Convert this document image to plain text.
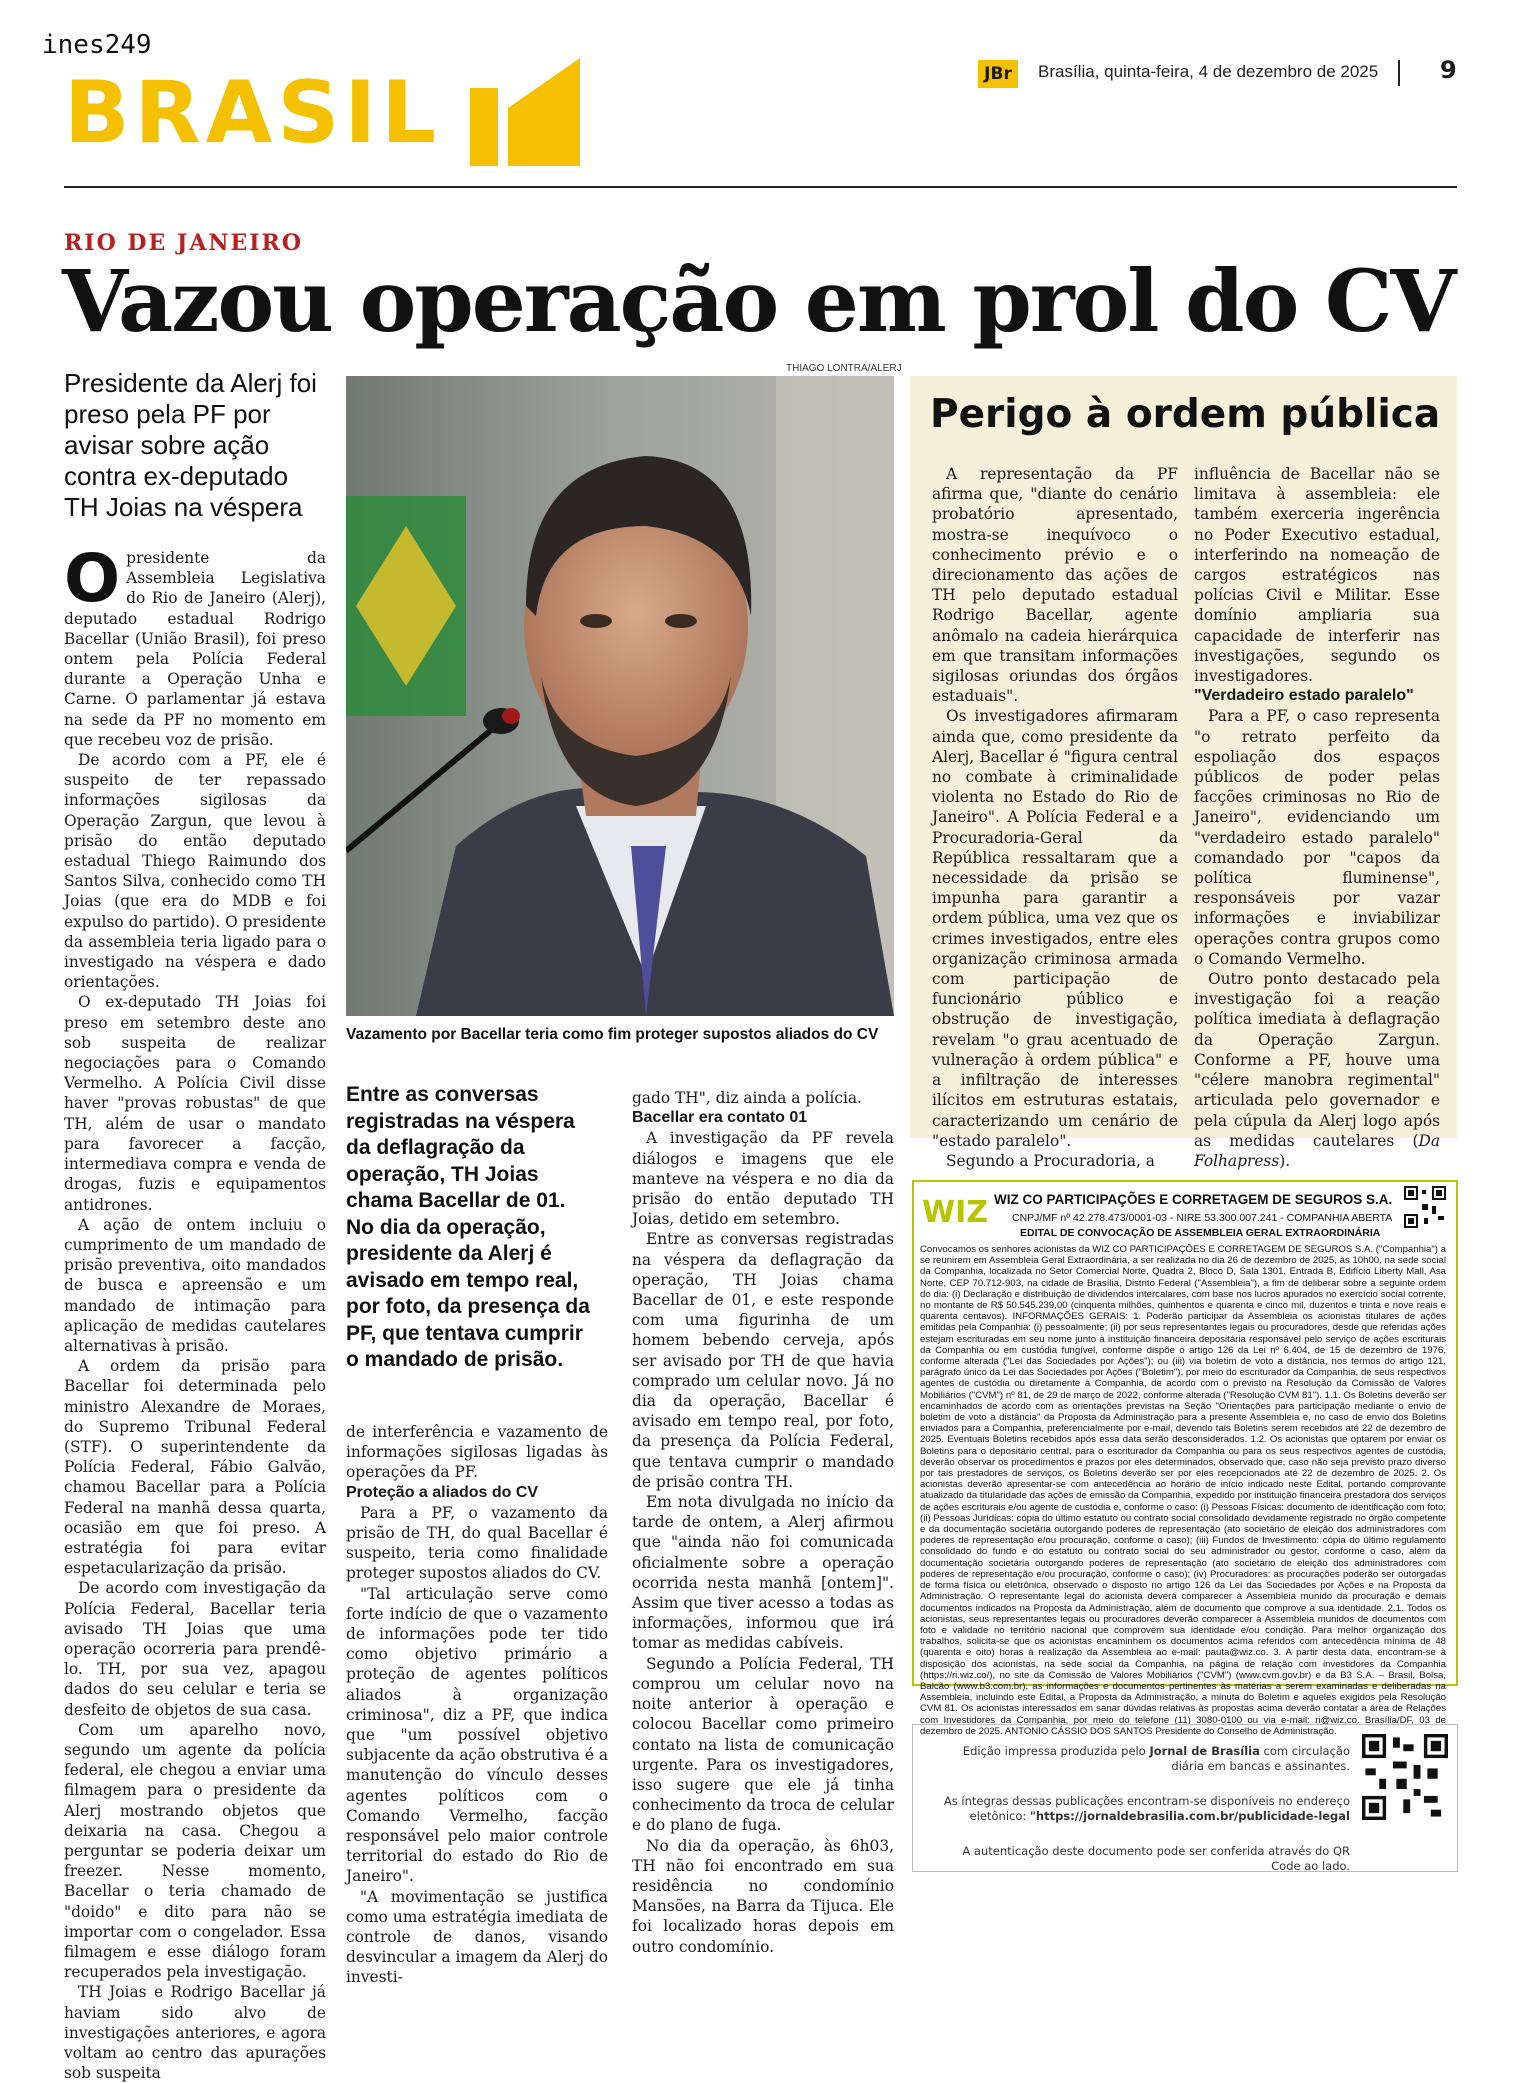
ines249
BRASIL	JBr	Brasília, quinta-feira, 4 de dezembro de 2025	9
RIO DE JANEIRO
Vazou operação em prol do CV
Presidente da Alerj foi preso pela PF por avisar sobre ação contra ex-deputado TH Joias na véspera

O presidente da Assembleia Legislativa do Rio de Janeiro (Alerj), deputado estadual Rodrigo Bacellar (União Brasil), foi preso ontem pela Polícia Federal durante a Operação Unha e Carne. O parlamentar já estava na sede da PF no momento em que recebeu voz de prisão.

De acordo com a PF, ele é suspeito de ter repassado informações sigilosas da Operação Zargun, que levou à prisão do então deputado estadual Thiego Raimundo dos Santos Silva, conhecido como TH Joias (que era do MDB e foi expulso do partido). O presidente da assembleia teria ligado para o investigado na véspera e dado orientações.

O ex-deputado TH Joias foi preso em setembro deste ano sob suspeita de realizar negociações para o Comando Vermelho. A Polícia Civil disse haver "provas robustas" de que TH, além de usar o mandato para favorecer a facção, intermediava compra e venda de drogas, fuzis e equipamentos antidrones.

A ação de ontem incluiu o cumprimento de um mandado de prisão preventiva, oito mandados de busca e apreensão e um mandado de intimação para aplicação de medidas cautelares alternativas à prisão.

A ordem da prisão para Bacellar foi determinada pelo ministro Alexandre de Moraes, do Supremo Tribunal Federal (STF). O superintendente da Polícia Federal, Fábio Galvão, chamou Bacellar para a Polícia Federal na manhã dessa quarta, ocasião em que foi preso. A estratégia foi para evitar espetacularização da prisão.

De acordo com investigação da Polícia Federal, Bacellar teria avisado TH Joias que uma operação ocorreria para prendê-lo. TH, por sua vez, apagou dados do seu celular e teria se desfeito de objetos de sua casa.

Com um aparelho novo, segundo um agente da polícia federal, ele chegou a enviar uma filmagem para o presidente da Alerj mostrando objetos que deixaria na casa. Chegou a perguntar se poderia deixar um freezer. Nesse momento, Bacellar o teria chamado de "doido" e dito para não se importar com o congelador. Essa filmagem e esse diálogo foram recuperados pela investigação.

TH Joias e Rodrigo Bacellar já haviam sido alvo de investigações anteriores, e agora voltam ao centro das apurações sob suspeita

THIAGO LONTRA/ALERJ
Vazamento por Bacellar teria como fim proteger supostos aliados do CV
Entre as conversas registradas na véspera da deflagração da operação, TH Joias chama Bacellar de 01. No dia da operação, presidente da Alerj é avisado em tempo real, por foto, da presença da PF, que tentava cumprir o mandado de prisão.

de interferência e vazamento de informações sigilosas ligadas às operações da PF.

Proteção a aliados do CV

Para a PF, o vazamento da prisão de TH, do qual Bacellar é suspeito, teria como finalidade proteger supostos aliados do CV.

"Tal articulação serve como forte indício de que o vazamento de informações pode ter tido como objetivo primário a proteção de agentes políticos aliados à organização criminosa", diz a PF, que indica que "um possível objetivo subjacente da ação obstrutiva é a manutenção do vínculo desses agentes políticos com o Comando Vermelho, facção responsável pelo maior controle territorial do estado do Rio de Janeiro".

"A movimentação se justifica como uma estratégia imediata de controle de danos, visando desvincular a imagem da Alerj do investi-

gado TH", diz ainda a polícia.

Bacellar era contato 01

A investigação da PF revela diálogos e imagens que ele manteve na véspera e no dia da prisão do então deputado TH Joias, detido em setembro.

Entre as conversas registradas na véspera da deflagração da operação, TH Joias chama Bacellar de 01, e este responde com uma figurinha de um homem bebendo cerveja, após ser avisado por TH de que havia comprado um celular novo. Já no dia da operação, Bacellar é avisado em tempo real, por foto, da presença da Polícia Federal, que tentava cumprir o mandado de prisão contra TH.

Em nota divulgada no início da tarde de ontem, a Alerj afirmou que "ainda não foi comunicada oficialmente sobre a operação ocorrida nesta manhã [ontem]". Assim que tiver acesso a todas as informações, informou que irá tomar as medidas cabíveis.

Segundo a Polícia Federal, TH comprou um celular novo na noite anterior à operação e colocou Bacellar como primeiro contato na lista de comunicação urgente. Para os investigadores, isso sugere que ele já tinha conhecimento da troca de celular e do plano de fuga.

No dia da operação, às 6h03, TH não foi encontrado em sua residência no condomínio Mansões, na Barra da Tijuca. Ele foi localizado horas depois em outro condomínio.

Perigo à ordem pública

A representação da PF afirma que, "diante do cenário probatório apresentado, mostra-se inequívoco o conhecimento prévio e o direcionamento das ações de TH pelo deputado estadual Rodrigo Bacellar, agente anômalo na cadeia hierárquica em que transitam informações sigilosas oriundas dos órgãos estaduais".

Os investigadores afirmaram ainda que, como presidente da Alerj, Bacellar é "figura central no combate à criminalidade violenta no Estado do Rio de Janeiro". A Polícia Federal e a Procuradoria-Geral da República ressaltaram que a necessidade da prisão se impunha para garantir a ordem pública, uma vez que os crimes investigados, entre eles organização criminosa armada com participação de funcionário público e obstrução de investigação, revelam "o grau acentuado de vulneração à ordem pública" e a infiltração de interesses ilícitos em estruturas estatais, caracterizando um cenário de "estado paralelo".

Segundo a Procuradoria, a

influência de Bacellar não se limitava à assembleia: ele também exerceria ingerência no Poder Executivo estadual, interferindo na nomeação de cargos estratégicos nas polícias Civil e Militar. Esse domínio ampliaria sua capacidade de interferir nas investigações, segundo os investigadores.

"Verdadeiro estado paralelo"

Para a PF, o caso representa "o retrato perfeito da espoliação dos espaços públicos de poder pelas facções criminosas no Rio de Janeiro", evidenciando um "verdadeiro estado paralelo" comandado por "capos da política fluminense", responsáveis por vazar informações e inviabilizar operações contra grupos como o Comando Vermelho.

Outro ponto destacado pela investigação foi a reação política imediata à deflagração da Operação Zargun. Conforme a PF, houve uma "célere manobra regimental" articulada pelo governador e pela cúpula da Alerj logo após as medidas cautelares (Da Folhapress).

WIZ WIZ CO PARTICIPAÇÕES E CORRETAGEM DE SEGUROS S.A.
CNPJ/MF nº 42.278.473/0001-03 - NIRE 53.300.007.241 - COMPANHIA ABERTA
EDITAL DE CONVOCAÇÃO DE ASSEMBLEIA GERAL EXTRAORDINÁRIA
Convocamos os senhores acionistas da WIZ CO PARTICIPAÇÕES E CORRETAGEM DE SEGUROS S.A. ("Companhia") a se reunirem em Assembleia Geral Extraordinária, a ser realizada no dia 26 de dezembro de 2025, às 10h00, na sede social da Companhia, localizada no Setor Comercial Norte, Quadra 2, Bloco D, Sala 1301, Entrada B, Edifício Liberty Mall, Asa Norte, CEP 70.712-903, na cidade de Brasília, Distrito Federal ("Assembleia"), a fim de deliberar sobre a seguinte ordem do dia: (i) Declaração e distribuição de dividendos intercalares, com base nos lucros apurados no exercício social corrente, no montante de R$ 50.545.239,00 (cinquenta milhões, quinhentos e quarenta e cinco mil, duzentos e trinta e nove reais e quarenta centavos). INFORMAÇÕES GERAIS: 1. Poderão participar da Assembleia os acionistas titulares de ações emitidas pela Companhia: (i) pessoalmente; (ii) por seus representantes legais ou procuradores, desde que referidas ações estejam escrituradas em seu nome junto à instituição financeira depositária responsável pelo serviço de ações escriturais da Companhia ou em custódia fungível, conforme dispõe o artigo 126 da Lei nº 6.404, de 15 de dezembro de 1976, conforme alterada ("Lei das Sociedades por Ações"); ou (iii) via boletim de voto a distância, nos termos do artigo 121, parágrafo único da Lei das Sociedades por Ações ("Boletim"), por meio do escriturador da Companhia, de seus respectivos agentes de custódia ou diretamente à Companhia, de acordo com o previsto na Resolução da Comissão de Valores Mobiliários ("CVM") nº 81, de 29 de março de 2022, conforme alterada ("Resolução CVM 81"). 1.1. Os Boletins deverão ser encaminhados de acordo com as orientações previstas na Seção "Orientações para participação mediante o envio de boletim de voto a distância" da Proposta da Administração para a presente Assembleia e, no caso de envio dos Boletins enviados para a Companhia, preferencialmente por e-mail, devendo tais Boletins serem recebidos até 22 de dezembro de 2025. Eventuais Boletins recebidos após essa data serão desconsiderados. 1.2. Os acionistas que optarem por enviar os Boletins para o depositário central, para o escriturador da Companhia ou para os seus respectivos agentes de custódia, deverão observar os procedimentos e prazos por eles determinados, observado que, caso não seja previsto prazo diverso por tais prestadores de serviços, os Boletins deverão ser por eles recepcionados até 22 de dezembro de 2025. 2. Os acionistas deverão apresentar-se com antecedência ao horário de início indicado neste Edital, portando comprovante atualizado da titularidade das ações de emissão da Companhia, expedido por instituição financeira prestadora dos serviços de ações escriturais e/ou agente de custódia e, conforme o caso: (i) Pessoas Físicas: documento de identificação com foto; (ii) Pessoas Jurídicas: cópia do último estatuto ou contrato social consolidado devidamente registrado no órgão competente e da documentação societária outorgando poderes de representação (ato societário de eleição dos administradores com poderes de representação e/ou procuração, conforme o caso); (iii) Fundos de Investimento: cópia do último regulamento consolidado do fundo e do estatuto ou contrato social do seu administrador ou gestor, conforme o caso, além da documentação societária outorgando poderes de representação (ato societário de eleição dos administradores com poderes de representação e/ou procuração, conforme o caso); (iv) Procuradores: as procurações poderão ser outorgadas de forma física ou eletrônica, observado o disposto no artigo 126 da Lei das Sociedades por Ações e na Proposta da Administração. O representante legal do acionista deverá comparecer à Assembleia munido da procuração e demais documentos indicados na Proposta da Administração, além de documento que comprove a sua identidade. 2.1. Todos os acionistas, seus representantes legais ou procuradores deverão comparecer à Assembleia munidos de documentos com foto e validade no território nacional que comprovem sua identidade e/ou condição. Para melhor organização dos trabalhos, solicita-se que os acionistas encaminhem os documentos acima referidos com antecedência mínima de 48 (quarenta e oito) horas à realização da Assembleia ao e-mail: pauta@wiz.co. 3. A partir desta data, encontram-se à disposição dos acionistas, na sede social da Companhia, na página de relação com investidores da Companhia (https://ri.wiz.co/), no site da Comissão de Valores Mobiliários ("CVM") (www.cvm.gov.br) e da B3 S.A. – Brasil, Bolsa, Balcão (www.b3.com.br), as informações e documentos pertinentes às matérias a serem examinadas e deliberadas na Assembleia, incluindo este Edital, a Proposta da Administração, a minuta do Boletim e aqueles exigidos pela Resolução CVM 81. Os acionistas interessados em sanar dúvidas relativas às propostas acima deverão contatar a área de Relações com Investidores da Companhia, por meio do telefone (11) 3080-0100 ou via e-mail: ri@wiz.co. Brasília/DF, 03 de dezembro de 2025. ANTONIO CÁSSIO DOS SANTOS Presidente do Conselho de Administração.
Edição impressa produzida pelo Jornal de Brasília com circulação diária em bancas e assinantes.
As íntegras dessas publicações encontram-se disponíveis no endereço eletônico: "https://jornaldebrasilia.com.br/publicidade-legal
A autenticação deste documento pode ser conferida através do QR Code ao lado.
